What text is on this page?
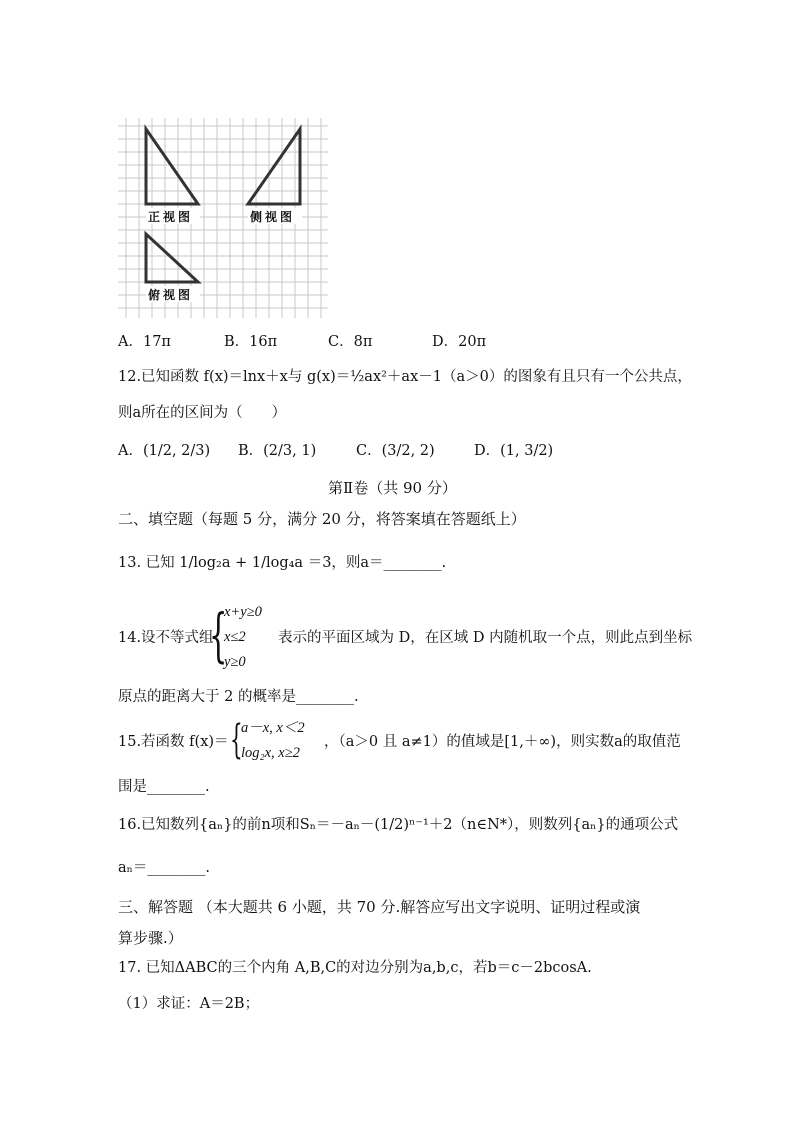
正视图	侧视图
俯视图
A．17π	B．16π	C．8π	D．20π
12.已知函数 f(x)＝lnx＋x与 g(x)＝½ax²＋ax－1（a＞0）的图象有且只有一个公共点，
则a所在的区间为（　　）
A．(1/2, 2/3) B．(2/3, 1)	C．(3/2, 2)	D．(1, 3/2)
第Ⅱ卷（共 90 分）
二、填空题（每题 5 分，满分 20 分，将答案填在答题纸上）
13. 已知 1/log₂a + 1/log₄a ＝3，则a＝________.
14.设不等式组
{
x+y≥0
x≤2
y≥0
表示的平面区域为 D，在区域 D 内随机取一个点，则此点到坐标
原点的距离大于 2 的概率是________.
15.若函数 f(x)＝ {
a－x, x＜2
log₂x, x≥2
，（a＞0 且 a≠1）的值域是[1,＋∞)，则实数a的取值范
围是________.
16.已知数列{aₙ}的前n项和Sₙ＝－aₙ－(1/2)ⁿ⁻¹＋2（n∈N*），则数列{aₙ}的通项公式
aₙ＝________.
三、解答题 （本大题共 6 小题，共 70 分.解答应写出文字说明、证明过程或演
算步骤.）
17. 已知ΔABC的三个内角 A,B,C的对边分别为a,b,c，若b＝c－2bcosA.
（1）求证：A＝2B；
